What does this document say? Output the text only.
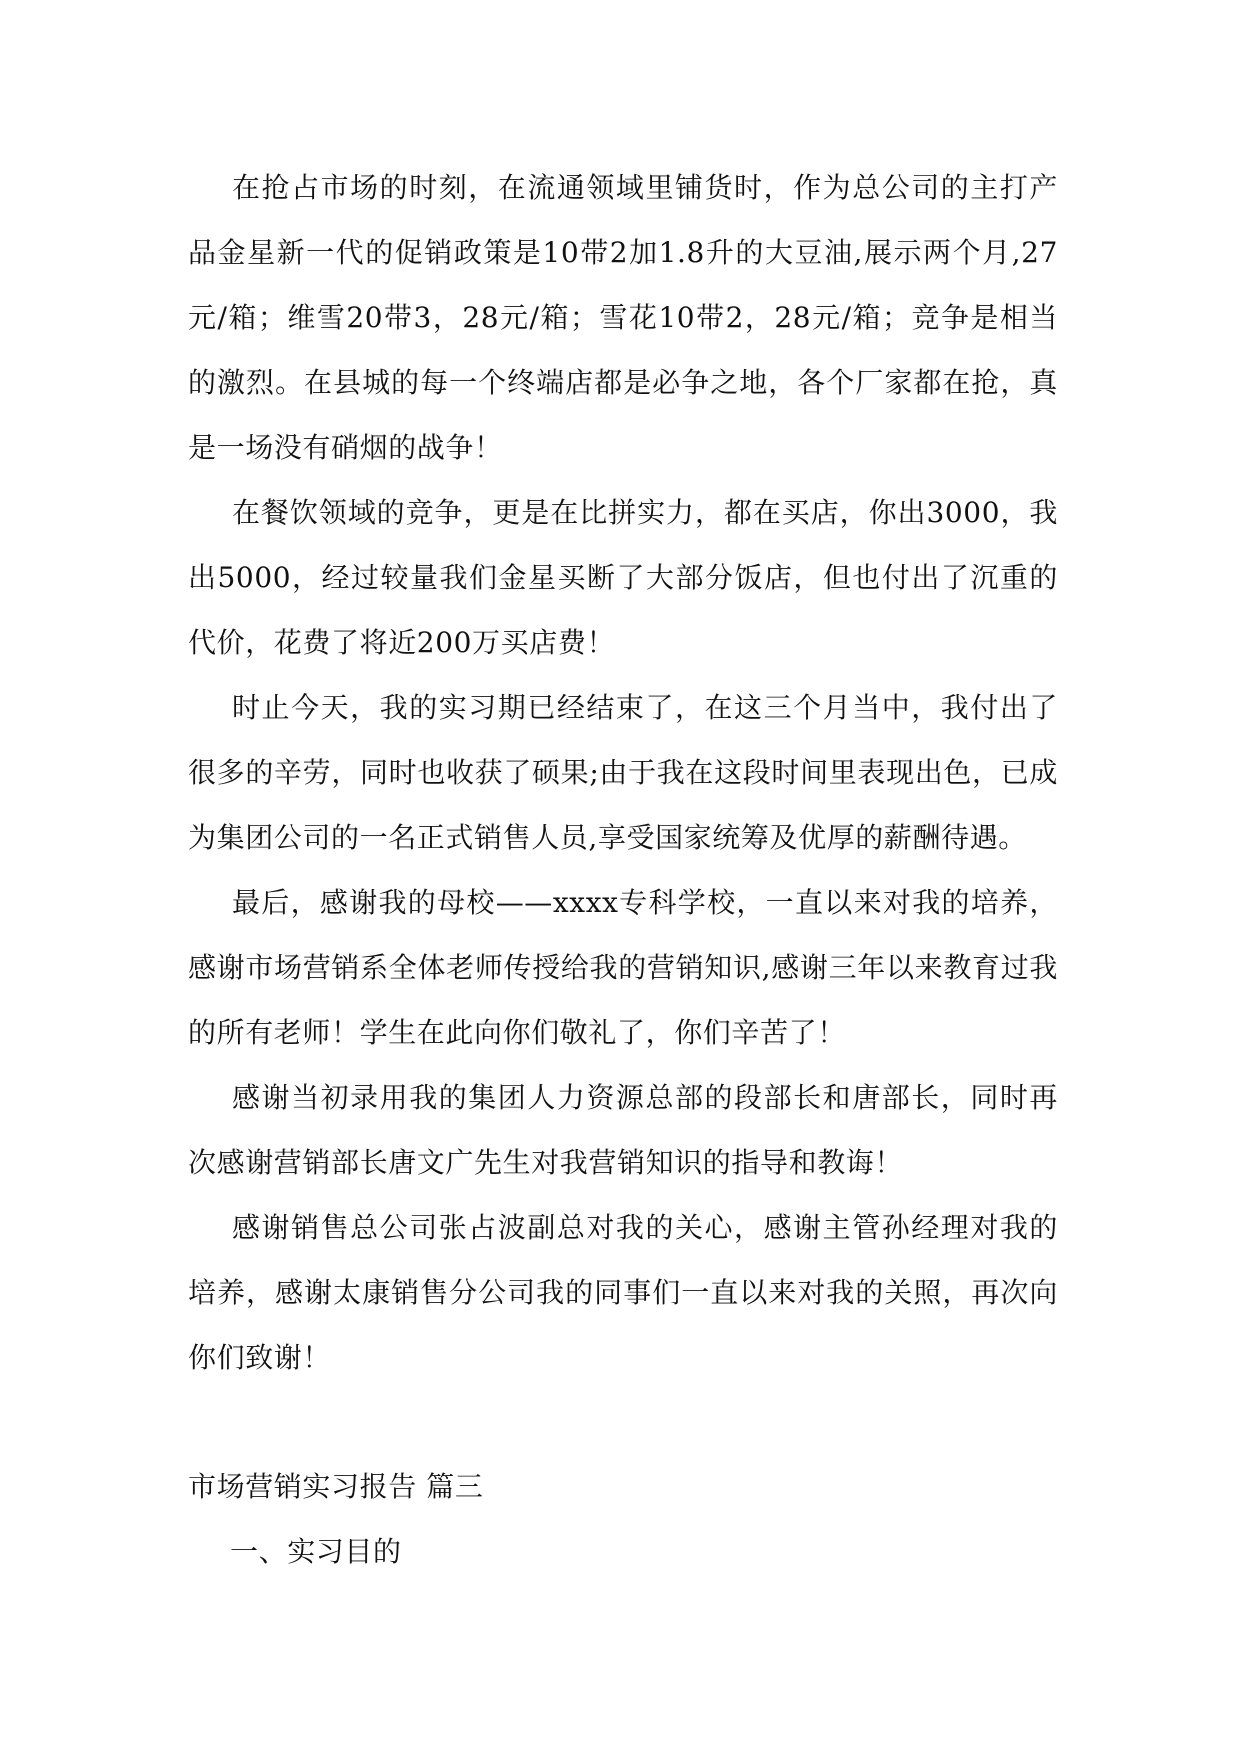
在抢占市场的时刻，在流通领域里铺货时，作为总公司的主打产品金星新一代的促销政策是10带2加1.8升的大豆油,展示两个月,27元/箱；维雪20带3，28元/箱；雪花10带2，28元/箱；竞争是相当的激烈。在县城的每一个终端店都是必争之地，各个厂家都在抢，真是一场没有硝烟的战争！

在餐饮领域的竞争，更是在比拼实力，都在买店，你出3000，我出5000，经过较量我们金星买断了大部分饭店，但也付出了沉重的代价，花费了将近200万买店费！

时止今天，我的实习期已经结束了，在这三个月当中，我付出了很多的辛劳，同时也收获了硕果;由于我在这段时间里表现出色，已成为集团公司的一名正式销售人员,享受国家统筹及优厚的薪酬待遇。

最后，感谢我的母校——xxxx专科学校，一直以来对我的培养，感谢市场营销系全体老师传授给我的营销知识,感谢三年以来教育过我的所有老师！学生在此向你们敬礼了，你们辛苦了！

感谢当初录用我的集团人力资源总部的段部长和唐部长，同时再次感谢营销部长唐文广先生对我营销知识的指导和教诲！

感谢销售总公司张占波副总对我的关心，感谢主管孙经理对我的培养，感谢太康销售分公司我的同事们一直以来对我的关照，再次向你们致谢！

市场营销实习报告 篇三
一、实习目的
